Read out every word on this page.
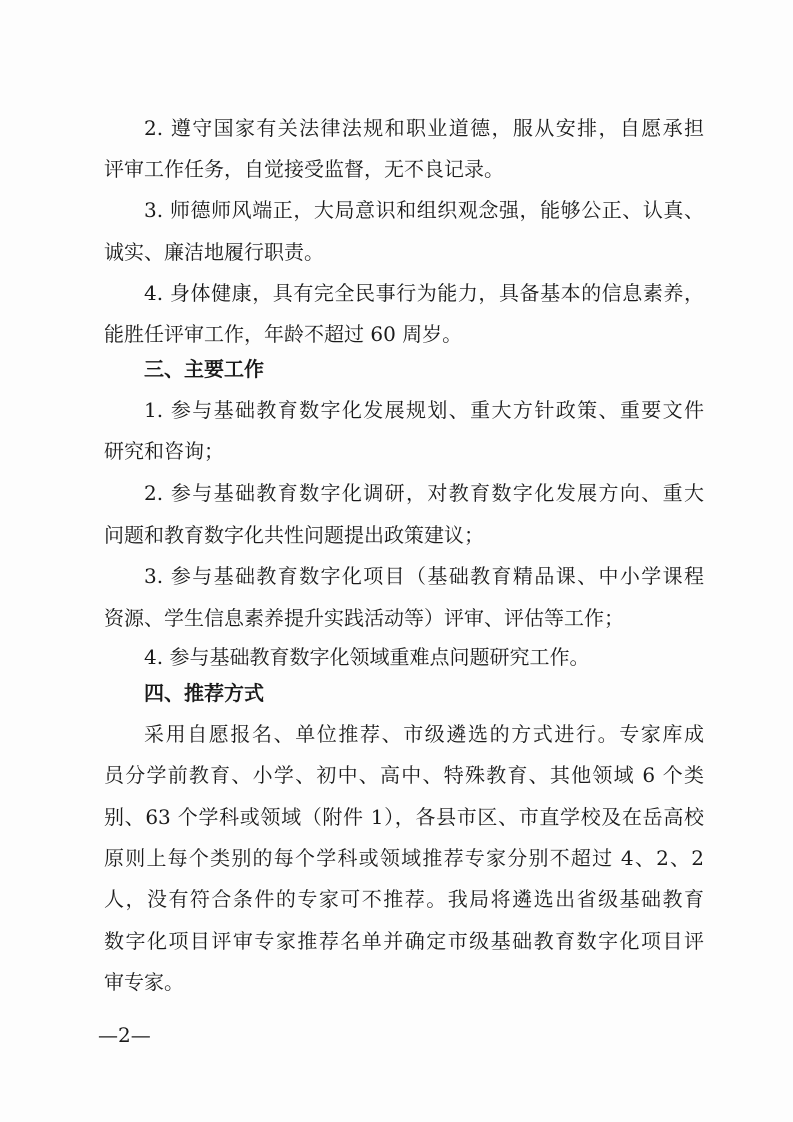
2. 遵守国家有关法律法规和职业道德，服从安排，自愿承担
评审工作任务，自觉接受监督，无不良记录。
3. 师德师风端正，大局意识和组织观念强，能够公正、认真、
诚实、廉洁地履行职责。
4. 身体健康，具有完全民事行为能力，具备基本的信息素养，
能胜任评审工作，年龄不超过 60 周岁。
三、主要工作
1. 参与基础教育数字化发展规划、重大方针政策、重要文件
研究和咨询；
2. 参与基础教育数字化调研，对教育数字化发展方向、重大
问题和教育数字化共性问题提出政策建议；
3. 参与基础教育数字化项目（基础教育精品课、中小学课程
资源、学生信息素养提升实践活动等）评审、评估等工作；
4. 参与基础教育数字化领域重难点问题研究工作。
四、推荐方式
采用自愿报名、单位推荐、市级遴选的方式进行。专家库成
员分学前教育、小学、初中、高中、特殊教育、其他领域 6 个类
别、63 个学科或领域（附件 1），各县市区、市直学校及在岳高校
原则上每个类别的每个学科或领域推荐专家分别不超过 4、2、2
人，没有符合条件的专家可不推荐。我局将遴选出省级基础教育
数字化项目评审专家推荐名单并确定市级基础教育数字化项目评
审专家。
—2—
